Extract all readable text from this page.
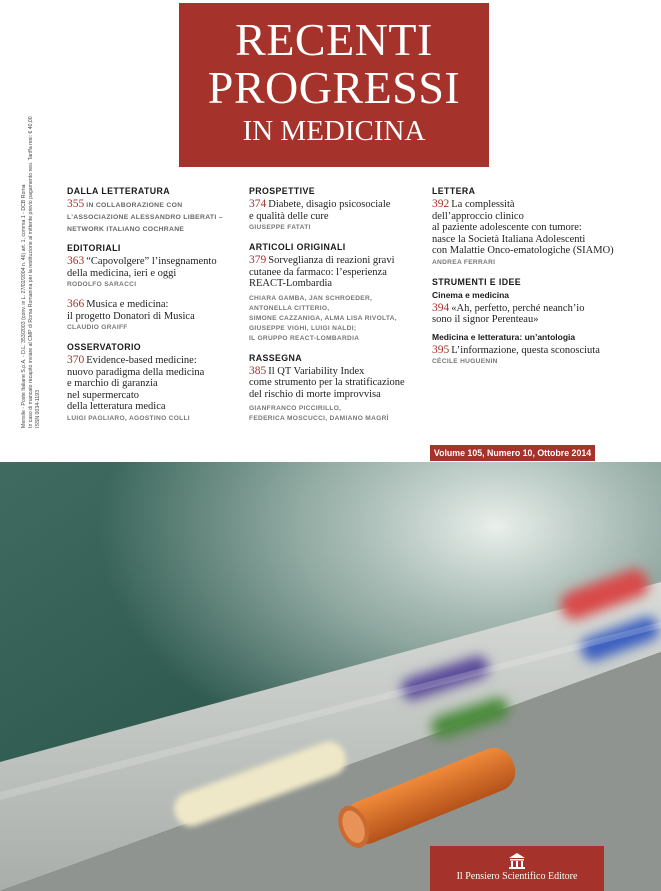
RECENTI
PROGRESSI
IN MEDICINA
Mensile - Poste Italiane S.p.A. - D.L. 353/2003 (conv. in L. 27/02/2004 n. 46) art. 1, comma 1 - DCB Roma In caso di mancato recapito inviare al CMP di Roma Romanina per la restituzione al mittente previo pagamento resi. Tariffa resi: € 40,00 ISSN 0034-1193
DALLA LETTERATURA
355 IN COLLABORAZIONE CON L’ASSOCIAZIONE ALESSANDRO LIBERATI – NETWORK ITALIANO COCHRANE
EDITORIALI
363 “Capovolgere” l’insegnamento
della medicina, ieri e oggi
RODOLFO SARACCI
366 Musica e medicina:
il progetto Donatori di Musica
CLAUDIO GRAIFF
OSSERVATORIO
370 Evidence-based medicine:
nuovo paradigma della medicina
e marchio di garanzia
nel supermercato
della letteratura medica
LUIGI PAGLIARO, AGOSTINO COLLI
PROSPETTIVE
374 Diabete, disagio psicosociale
e qualità delle cure
GIUSEPPE FATATI
ARTICOLI ORIGINALI
379 Sorveglianza di reazioni gravi
cutanee da farmaco: l’esperienza
REACT-Lombardia
CHIARA GAMBA, JAN SCHROEDER,
ANTONELLA CITTERIO,
SIMONE CAZZANIGA, ALMA LISA RIVOLTA,
GIUSEPPE VIGHI, LUIGI NALDI;
IL GRUPPO REACT-LOMBARDIA
RASSEGNA
385 Il QT Variability Index
come strumento per la stratificazione
del rischio di morte improvvisa
GIANFRANCO PICCIRILLO,
FEDERICA MOSCUCCI, DAMIANO MAGRÌ
LETTERA
392 La complessità
dell’approccio clinico
al paziente adolescente con tumore:
nasce la Società Italiana Adolescenti
con Malattie Onco-ematologiche (SIAMO)
ANDREA FERRARI
STRUMENTI E IDEE
Cinema e medicina
394 «Ah, perfetto, perché neanch’io
sono il signor Perenteau»
Medicina e letteratura: un’antologia
395 L’informazione, questa sconosciuta
CÉCILE HUGUENIN
Volume 105, Numero 10, Ottobre 2014
Il Pensiero Scientifico Editore
